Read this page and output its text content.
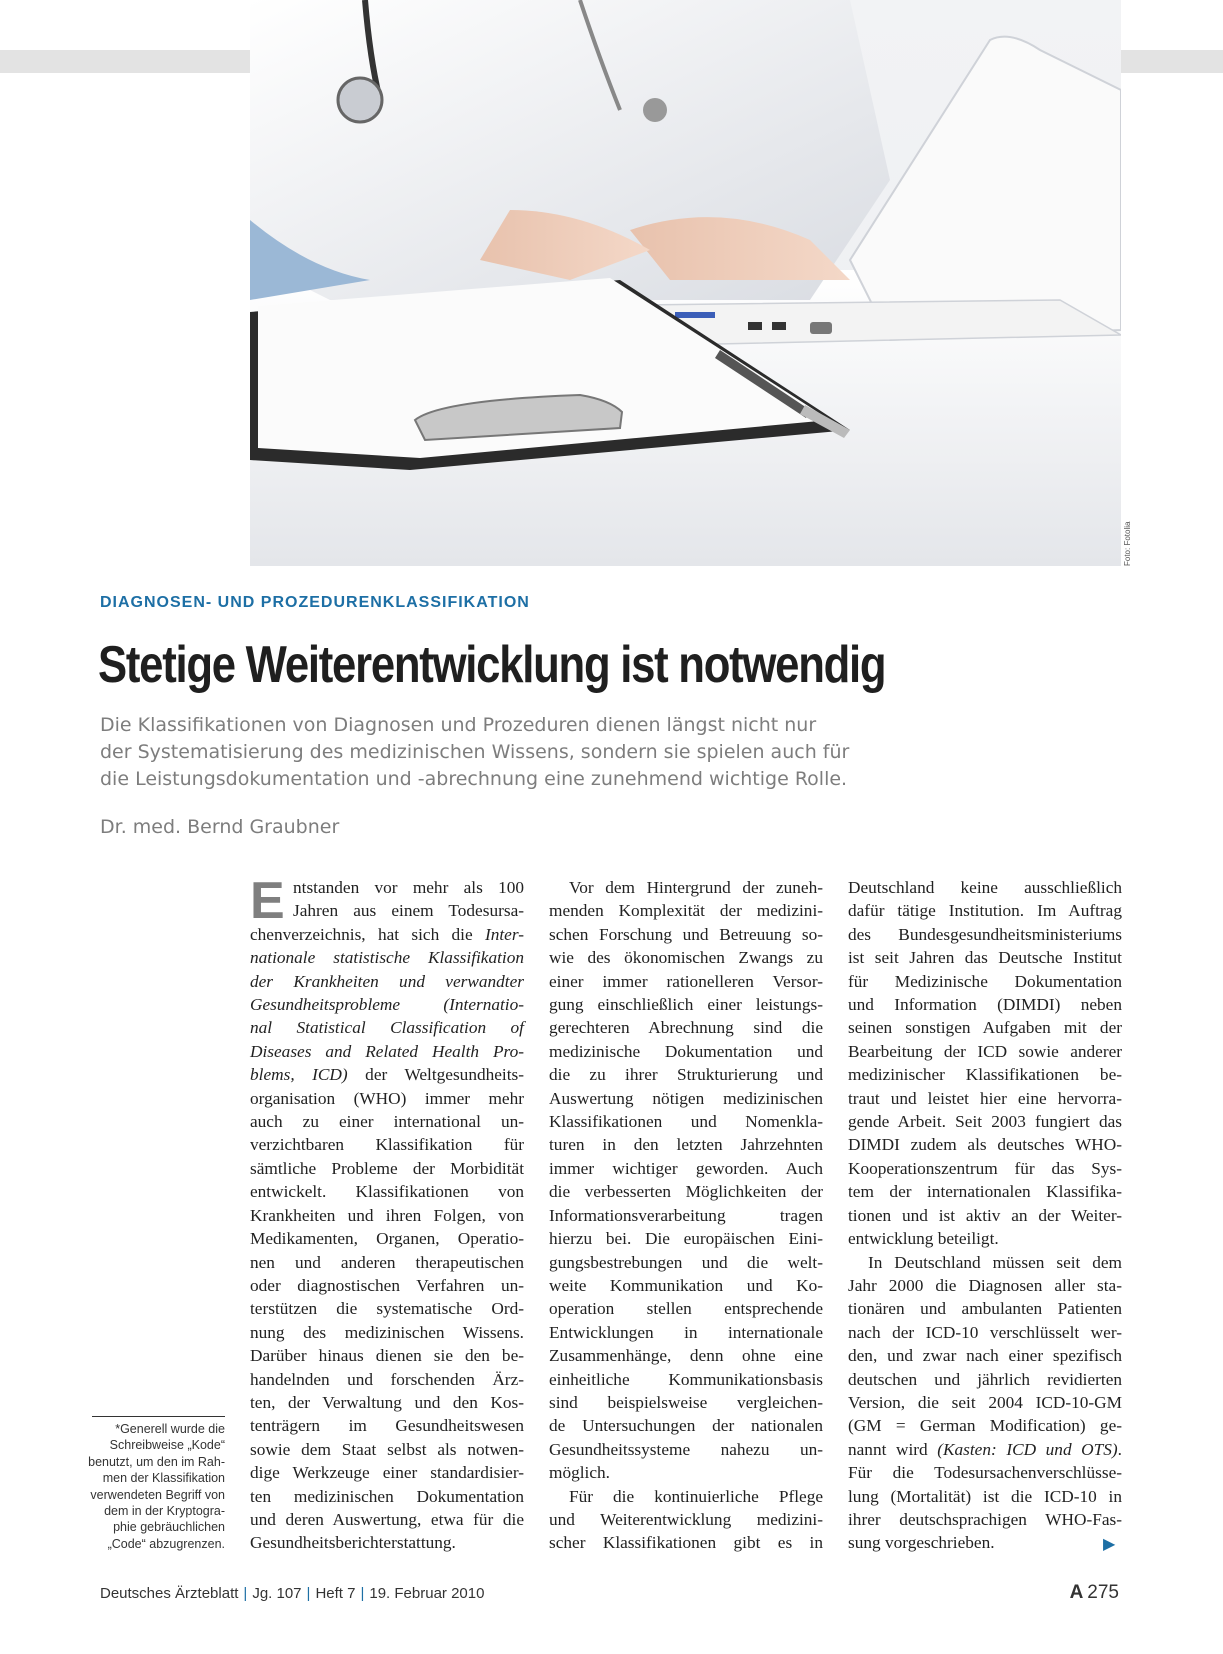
Foto: Fotolia
DIAGNOSEN- UND PROZEDURENKLASSIFIKATION
Stetige Weiterentwicklung ist notwendig
Die Klassifikationen von Diagnosen und Prozeduren dienen längst nicht nur
der Systematisierung des medizinischen Wissens, sondern sie spielen auch für
die Leistungsdokumentation und -abrechnung eine zunehmend wichtige Rolle.
Dr. med. Bernd Graubner
E ntstanden vor mehr als 100
Jahren aus einem Todesursa-
chenverzeichnis, hat sich die Inter-
nationale statistische Klassifikation
der Krankheiten und verwandter
Gesundheitsprobleme (Internatio-
nal Statistical Classification of
Diseases and Related Health Pro-
blems, ICD) der Weltgesundheits-
organisation (WHO) immer mehr
auch zu einer international un-
verzichtbaren Klassifikation für
sämtliche Probleme der Morbidität
entwickelt. Klassifikationen von
Krankheiten und ihren Folgen, von
Medikamenten, Organen, Operatio-
nen und anderen therapeutischen
oder diagnostischen Verfahren un-
terstützen die systematische Ord-
nung des medizinischen Wissens.
Darüber hinaus dienen sie den be-
handelnden und forschenden Ärz-
ten, der Verwaltung und den Kos-
tenträgern im Gesundheitswesen
sowie dem Staat selbst als notwen-
dige Werkzeuge einer standardisier-
ten medizinischen Dokumentation
und deren Auswertung, etwa für die
Gesundheitsberichterstattung.
Vor dem Hintergrund der zuneh-
menden Komplexität der medizini-
schen Forschung und Betreuung so-
wie des ökonomischen Zwangs zu
einer immer rationelleren Versor-
gung einschließlich einer leistungs-
gerechteren Abrechnung sind die
medizinische Dokumentation und
die zu ihrer Strukturierung und
Auswertung nötigen medizinischen
Klassifikationen und Nomenkla-
turen in den letzten Jahrzehnten
immer wichtiger geworden. Auch
die verbesserten Möglichkeiten der
Informationsverarbeitung tragen
hierzu bei. Die europäischen Eini-
gungsbestrebungen und die welt-
weite Kommunikation und Ko-
operation stellen entsprechende
Entwicklungen in internationale
Zusammenhänge, denn ohne eine
einheitliche Kommunikationsbasis
sind beispielsweise vergleichen-
de Untersuchungen der nationalen
Gesundheitssysteme nahezu un-
möglich.
Für die kontinuierliche Pflege
und Weiterentwicklung medizini-
scher Klassifikationen gibt es in
Deutschland keine ausschließlich
dafür tätige Institution. Im Auftrag
des Bundesgesundheitsministeriums
ist seit Jahren das Deutsche Institut
für Medizinische Dokumentation
und Information (DIMDI) neben
seinen sonstigen Aufgaben mit der
Bearbeitung der ICD sowie anderer
medizinischer Klassifikationen be-
traut und leistet hier eine hervorra-
gende Arbeit. Seit 2003 fungiert das
DIMDI zudem als deutsches WHO-
Kooperationszentrum für das Sys-
tem der internationalen Klassifika-
tionen und ist aktiv an der Weiter-
entwicklung beteiligt.
In Deutschland müssen seit dem
Jahr 2000 die Diagnosen aller sta-
tionären und ambulanten Patienten
nach der ICD-10 verschlüsselt wer-
den, und zwar nach einer spezifisch
deutschen und jährlich revidierten
Version, die seit 2004 ICD-10-GM
(GM = German Modification) ge-
nannt wird (Kasten: ICD und OTS).
Für die Todesursachenverschlüsse-
lung (Mortalität) ist die ICD-10 in
ihrer deutschsprachigen WHO-Fas-
sung vorgeschrieben.	▶
*Generell wurde die
Schreibweise „Kode“
benutzt, um den im Rah-
men der Klassifikation
verwendeten Begriff von
dem in der Kryptogra-
phie gebräuchlichen
„Code“ abzugrenzen.
Deutsches Ärzteblatt | Jg. 107 | Heft 7 | 19. Februar 2010	A 275
